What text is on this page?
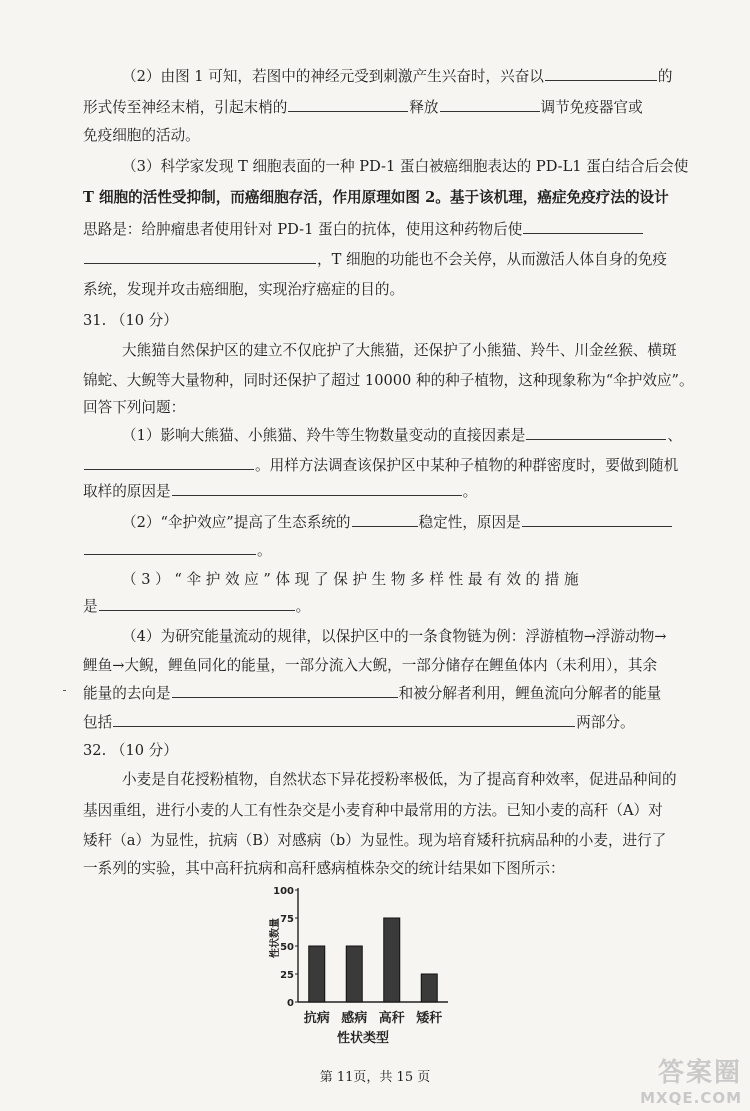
（2）由图 1 可知，若图中的神经元受到刺激产生兴奋时，兴奋以	的
形式传至神经末梢，引起末梢的	释放	调节免疫器官或
免疫细胞的活动。
（3）科学家发现 T 细胞表面的一种 PD-1 蛋白被癌细胞表达的 PD-L1 蛋白结合后会使
T 细胞的活性受抑制，而癌细胞存活，作用原理如图 2。基于该机理，癌症免疫疗法的设计
思路是：给肿瘤患者使用针对 PD-1 蛋白的抗体，使用这种药物后使
，T 细胞的功能也不会关停，从而激活人体自身的免疫
系统，发现并攻击癌细胞，实现治疗癌症的目的。
31. （10 分）
大熊猫自然保护区的建立不仅庇护了大熊猫，还保护了小熊猫、羚牛、川金丝猴、横斑
锦蛇、大鲵等大量物种，同时还保护了超过 10000 种的种子植物，这种现象称为“伞护效应”。
回答下列问题：
（1）影响大熊猫、小熊猫、羚牛等生物数量变动的直接因素是	、
。用样方法调查该保护区中某种子植物的种群密度时，要做到随机
取样的原因是	。
（2）“伞护效应”提高了生态系统的	稳定性，原因是
。
（ 3 ） “ 伞 护 效 应 ” 体 现 了 保 护 生 物 多 样 性 最 有 效 的 措 施
是	。
（4）为研究能量流动的规律，以保护区中的一条食物链为例：浮游植物→浮游动物→
鲤鱼→大鲵，鲤鱼同化的能量，一部分流入大鲵，一部分储存在鲤鱼体内（未利用），其余
能量的去向是	和被分解者利用，鲤鱼流向分解者的能量
包括	两部分。
32. （10 分）
小麦是自花授粉植物，自然状态下异花授粉率极低，为了提高育种效率，促进品种间的
基因重组，进行小麦的人工有性杂交是小麦育种中最常用的方法。已知小麦的高秆（A）对
矮秆（a）为显性，抗病（B）对感病（b）为显性。现为培育矮秆抗病品种的小麦，进行了
一系列的实验，其中高秆抗病和高秆感病植株杂交的统计结果如下图所示：
0
25
50
75
100
抗病 感病 高秆 矮秆
性状数量
性状类型
第 11页，共 15 页	答案圈
MXQE.COM
